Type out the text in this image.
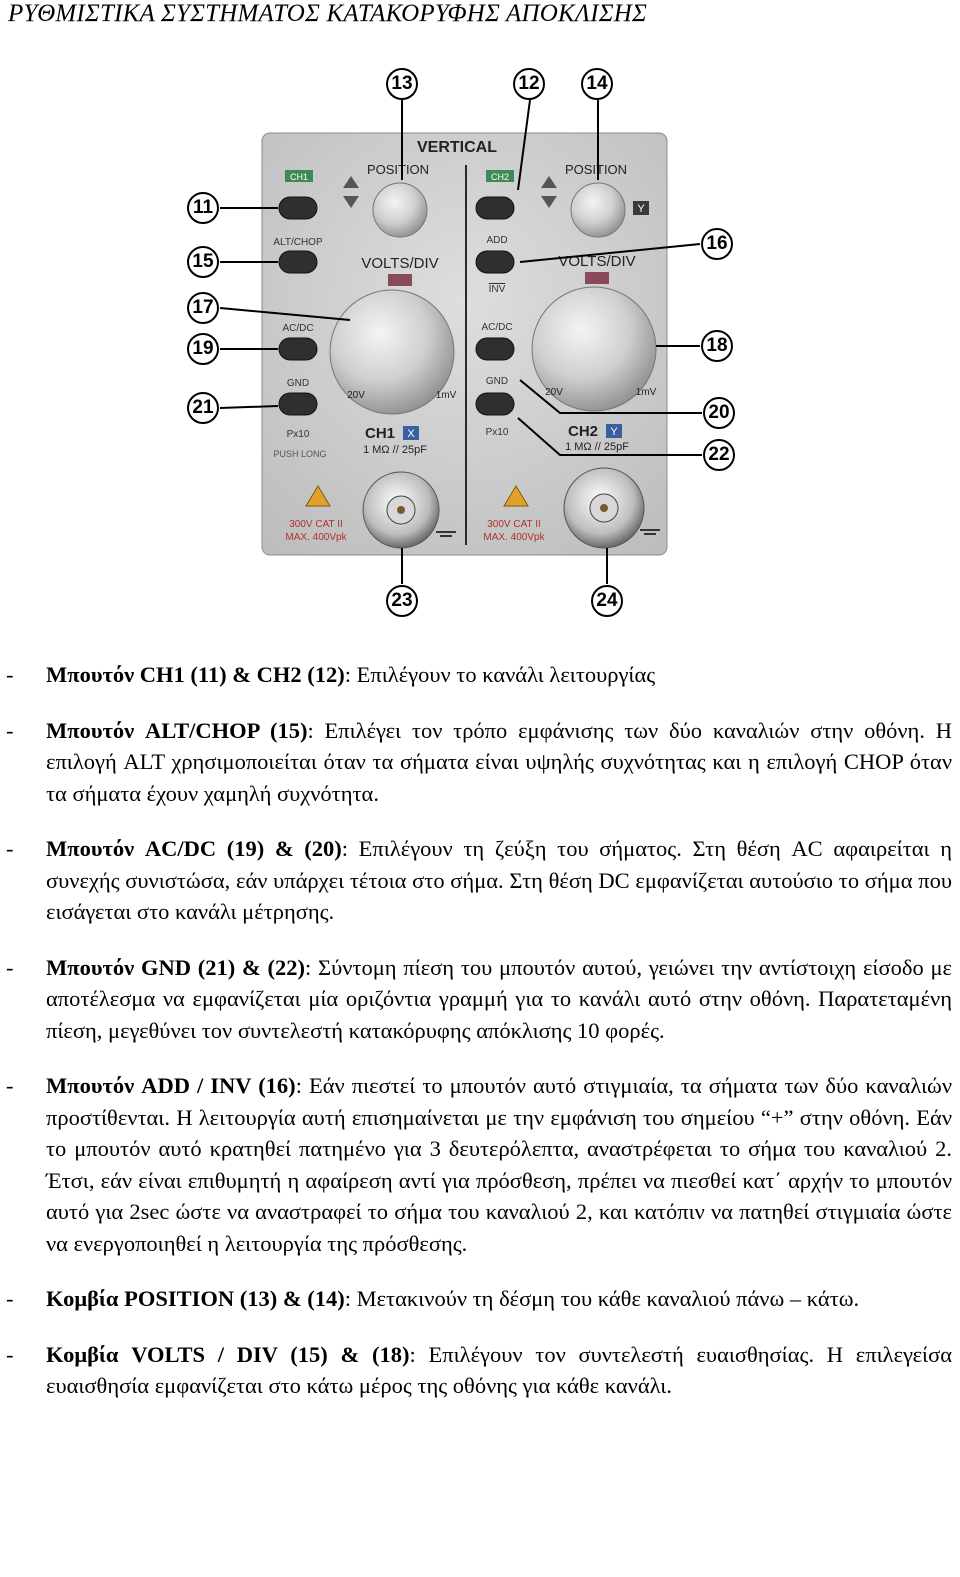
ΡΥΘΜΙΣΤΙΚΑ ΣΥΣΤΗΜΑΤΟΣ ΚΑΤΑΚΟΡΥΦΗΣ ΑΠΟΚΛΙΣΗΣ
VERTICAL
CH1	POSITION
ALT/CHOP
VOLTS/DIV
AC/DC
GND
Px10
PUSH LONG
20V	1mV
CH1 X
1 MΩ // 25pF
300V CAT II
MAX. 400Vpk
CH2	POSITION
Y
ADD
INV
VOLTS/DIV
AC/DC
GND
Px10
20V	1mV
CH2 Y
1 MΩ // 25pF
300V CAT II
MAX. 400Vpk
13	12 14
11
15
16
17
19	18
21	20
22
23	24

- Μπουτόν CH1 (11) & CH2 (12): Επιλέγουν το κανάλι λειτουργίας

- Μπουτόν ALT/CHOP (15): Επιλέγει τον τρόπο εμφάνισης των δύο καναλιών στην οθόνη. Η επιλογή ALT χρησιμοποιείται όταν τα σήματα είναι υψηλής συχνότητας και η επιλογή CHOP όταν τα σήματα έχουν χαμηλή συχνότητα.

- Μπουτόν AC/DC (19) & (20): Επιλέγουν τη ζεύξη του σήματος. Στη θέση AC αφαιρείται η συνεχής συνιστώσα, εάν υπάρχει τέτοια στο σήμα. Στη θέση DC εμφανίζεται αυτούσιο το σήμα που εισάγεται στο κανάλι μέτρησης.

- Μπουτόν GND (21) & (22): Σύντομη πίεση του μπουτόν αυτού, γειώνει την αντίστοιχη είσοδο με αποτέλεσμα να εμφανίζεται μία οριζόντια γραμμή για το κανάλι αυτό στην οθόνη. Παρατεταμένη πίεση, μεγεθύνει τον συντελεστή κατακόρυφης απόκλισης 10 φορές.

- Μπουτόν ADD / INV (16): Εάν πιεστεί το μπουτόν αυτό στιγμιαία, τα σήματα των δύο καναλιών προστίθενται. Η λειτουργία αυτή επισημαίνεται με την εμφάνιση του σημείου “+” στην οθόνη. Εάν το μπουτόν αυτό κρατηθεί πατημένο για 3 δευτερόλεπτα, αναστρέφεται το σήμα του καναλιού 2. Έτσι, εάν είναι επιθυμητή η αφαίρεση αντί για πρόσθεση, πρέπει να πιεσθεί κατ΄ αρχήν το μπουτόν αυτό για 2sec ώστε να αναστραφεί το σήμα του καναλιού 2, και κατόπιν να πατηθεί στιγμιαία ώστε να ενεργοποιηθεί η λειτουργία της πρόσθεσης.

- Κομβία POSITION (13) & (14): Μετακινούν τη δέσμη του κάθε καναλιού πάνω – κάτω.

- Κομβία VOLTS / DIV (15) & (18): Επιλέγουν τον συντελεστή ευαισθησίας. Η επιλεγείσα ευαισθησία εμφανίζεται στο κάτω μέρος της οθόνης για κάθε κανάλι.
